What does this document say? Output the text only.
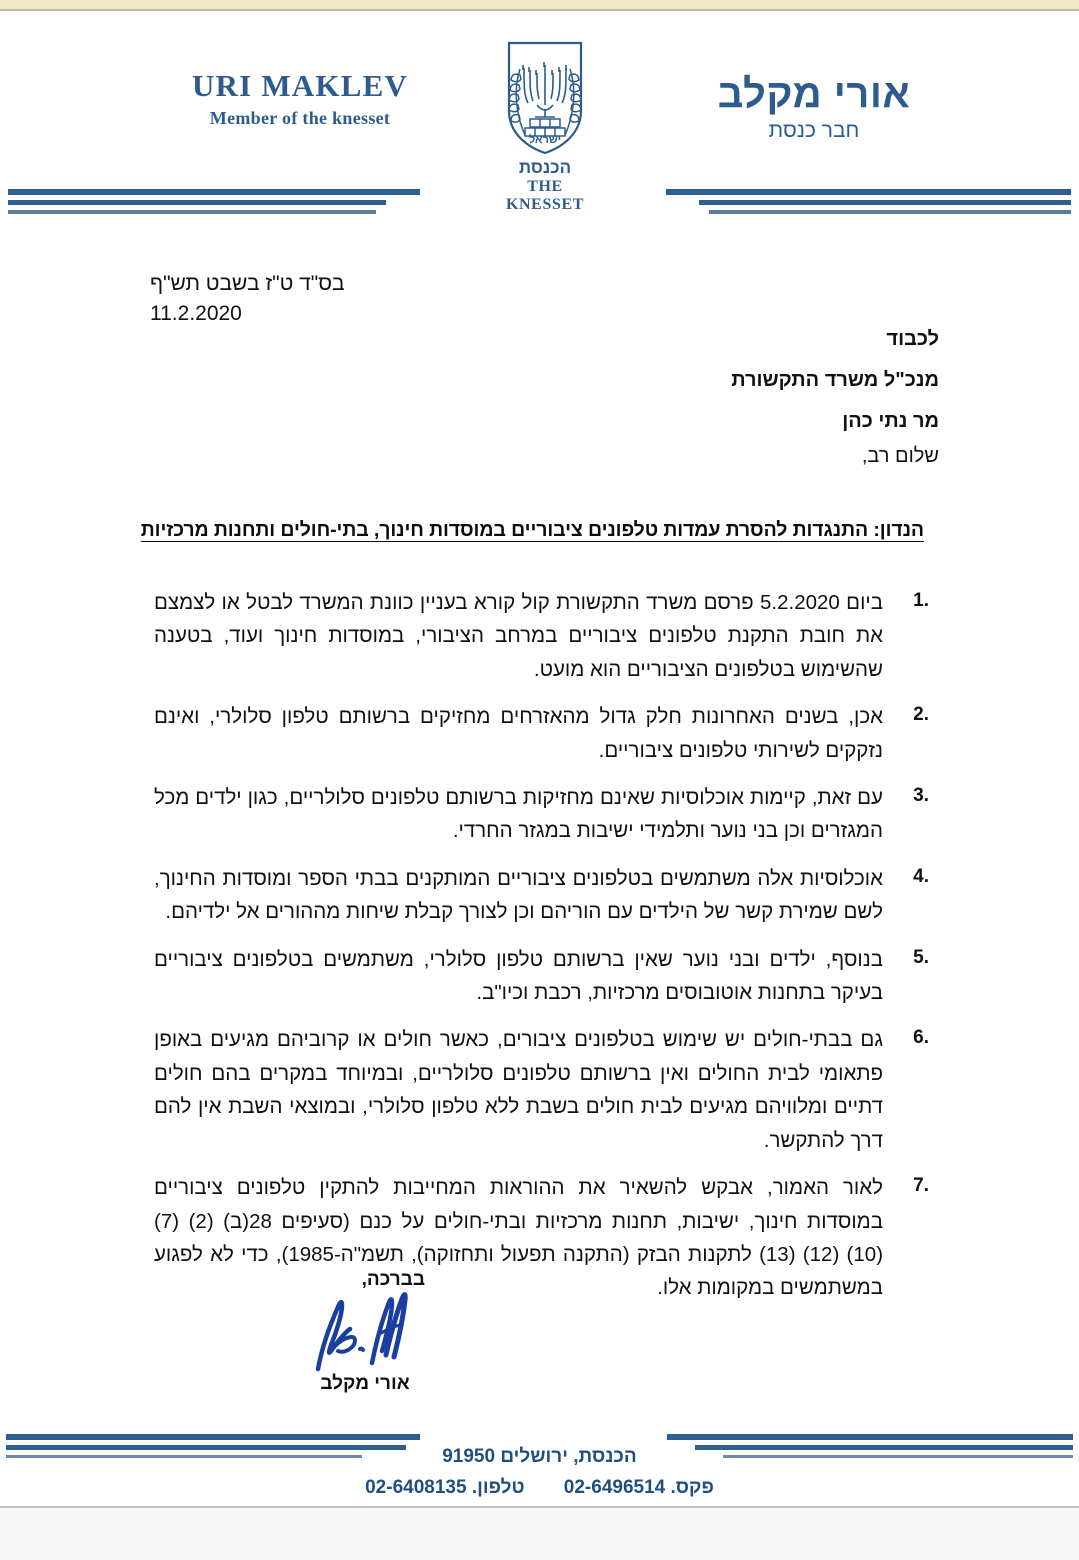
URI MAKLEV
Member of the knesset
ישראל
הכנסת
THE KNESSET
אורי מקלב
חבר כנסת
בס"ד ט"ז בשבט תש"ף
11.2.2020
לכבוד
מנכ"ל משרד התקשורת
מר נתי כהן
שלום רב,
הנדון: התנגדות להסרת עמדות טלפונים ציבוריים במוסדות חינוך, בתי-חולים ותחנות מרכזיות
ביום 5.2.2020 פרסם משרד התקשורת קול קורא בעניין כוונת המשרד לבטל או לצמצם את חובת התקנת טלפונים ציבוריים במרחב הציבורי, במוסדות חינוך ועוד, בטענה שהשימוש בטלפונים הציבוריים הוא מועט.
אכן, בשנים האחרונות חלק גדול מהאזרחים מחזיקים ברשותם טלפון סלולרי, ואינם נזקקים לשירותי טלפונים ציבוריים.
עם זאת, קיימות אוכלוסיות שאינם מחזיקות ברשותם טלפונים סלולריים, כגון ילדים מכל המגזרים וכן בני נוער ותלמידי ישיבות במגזר החרדי.
אוכלוסיות אלה משתמשים בטלפונים ציבוריים המותקנים בבתי הספר ומוסדות החינוך, לשם שמירת קשר של הילדים עם הוריהם וכן לצורך קבלת שיחות מההורים אל ילדיהם.
בנוסף, ילדים ובני נוער שאין ברשותם טלפון סלולרי, משתמשים בטלפונים ציבוריים בעיקר בתחנות אוטובוסים מרכזיות, רכבת וכיו"ב.
גם בבתי-חולים יש שימוש בטלפונים ציבורים, כאשר חולים או קרוביהם מגיעים באופן פתאומי לבית החולים ואין ברשותם טלפונים סלולריים, ובמיוחד במקרים בהם חולים דתיים ומלוויהם מגיעים לבית חולים בשבת ללא טלפון סלולרי, ובמוצאי השבת אין להם דרך להתקשר.
לאור האמור, אבקש להשאיר את ההוראות המחייבות להתקין טלפונים ציבוריים במוסדות חינוך, ישיבות, תחנות מרכזיות ובתי-חולים על כנם (סעיפים 28(ב) (2) (7) (10) (12) (13) לתקנות הבזק (התקנה תפעול ותחזוקה), תשמ"ה-1985), כדי לא לפגוע במשתמשים במקומות אלו.
בברכה,
אורי מקלב
הכנסת, ירושלים 91950
פקס. 02-6496514 טלפון. 02-6408135
